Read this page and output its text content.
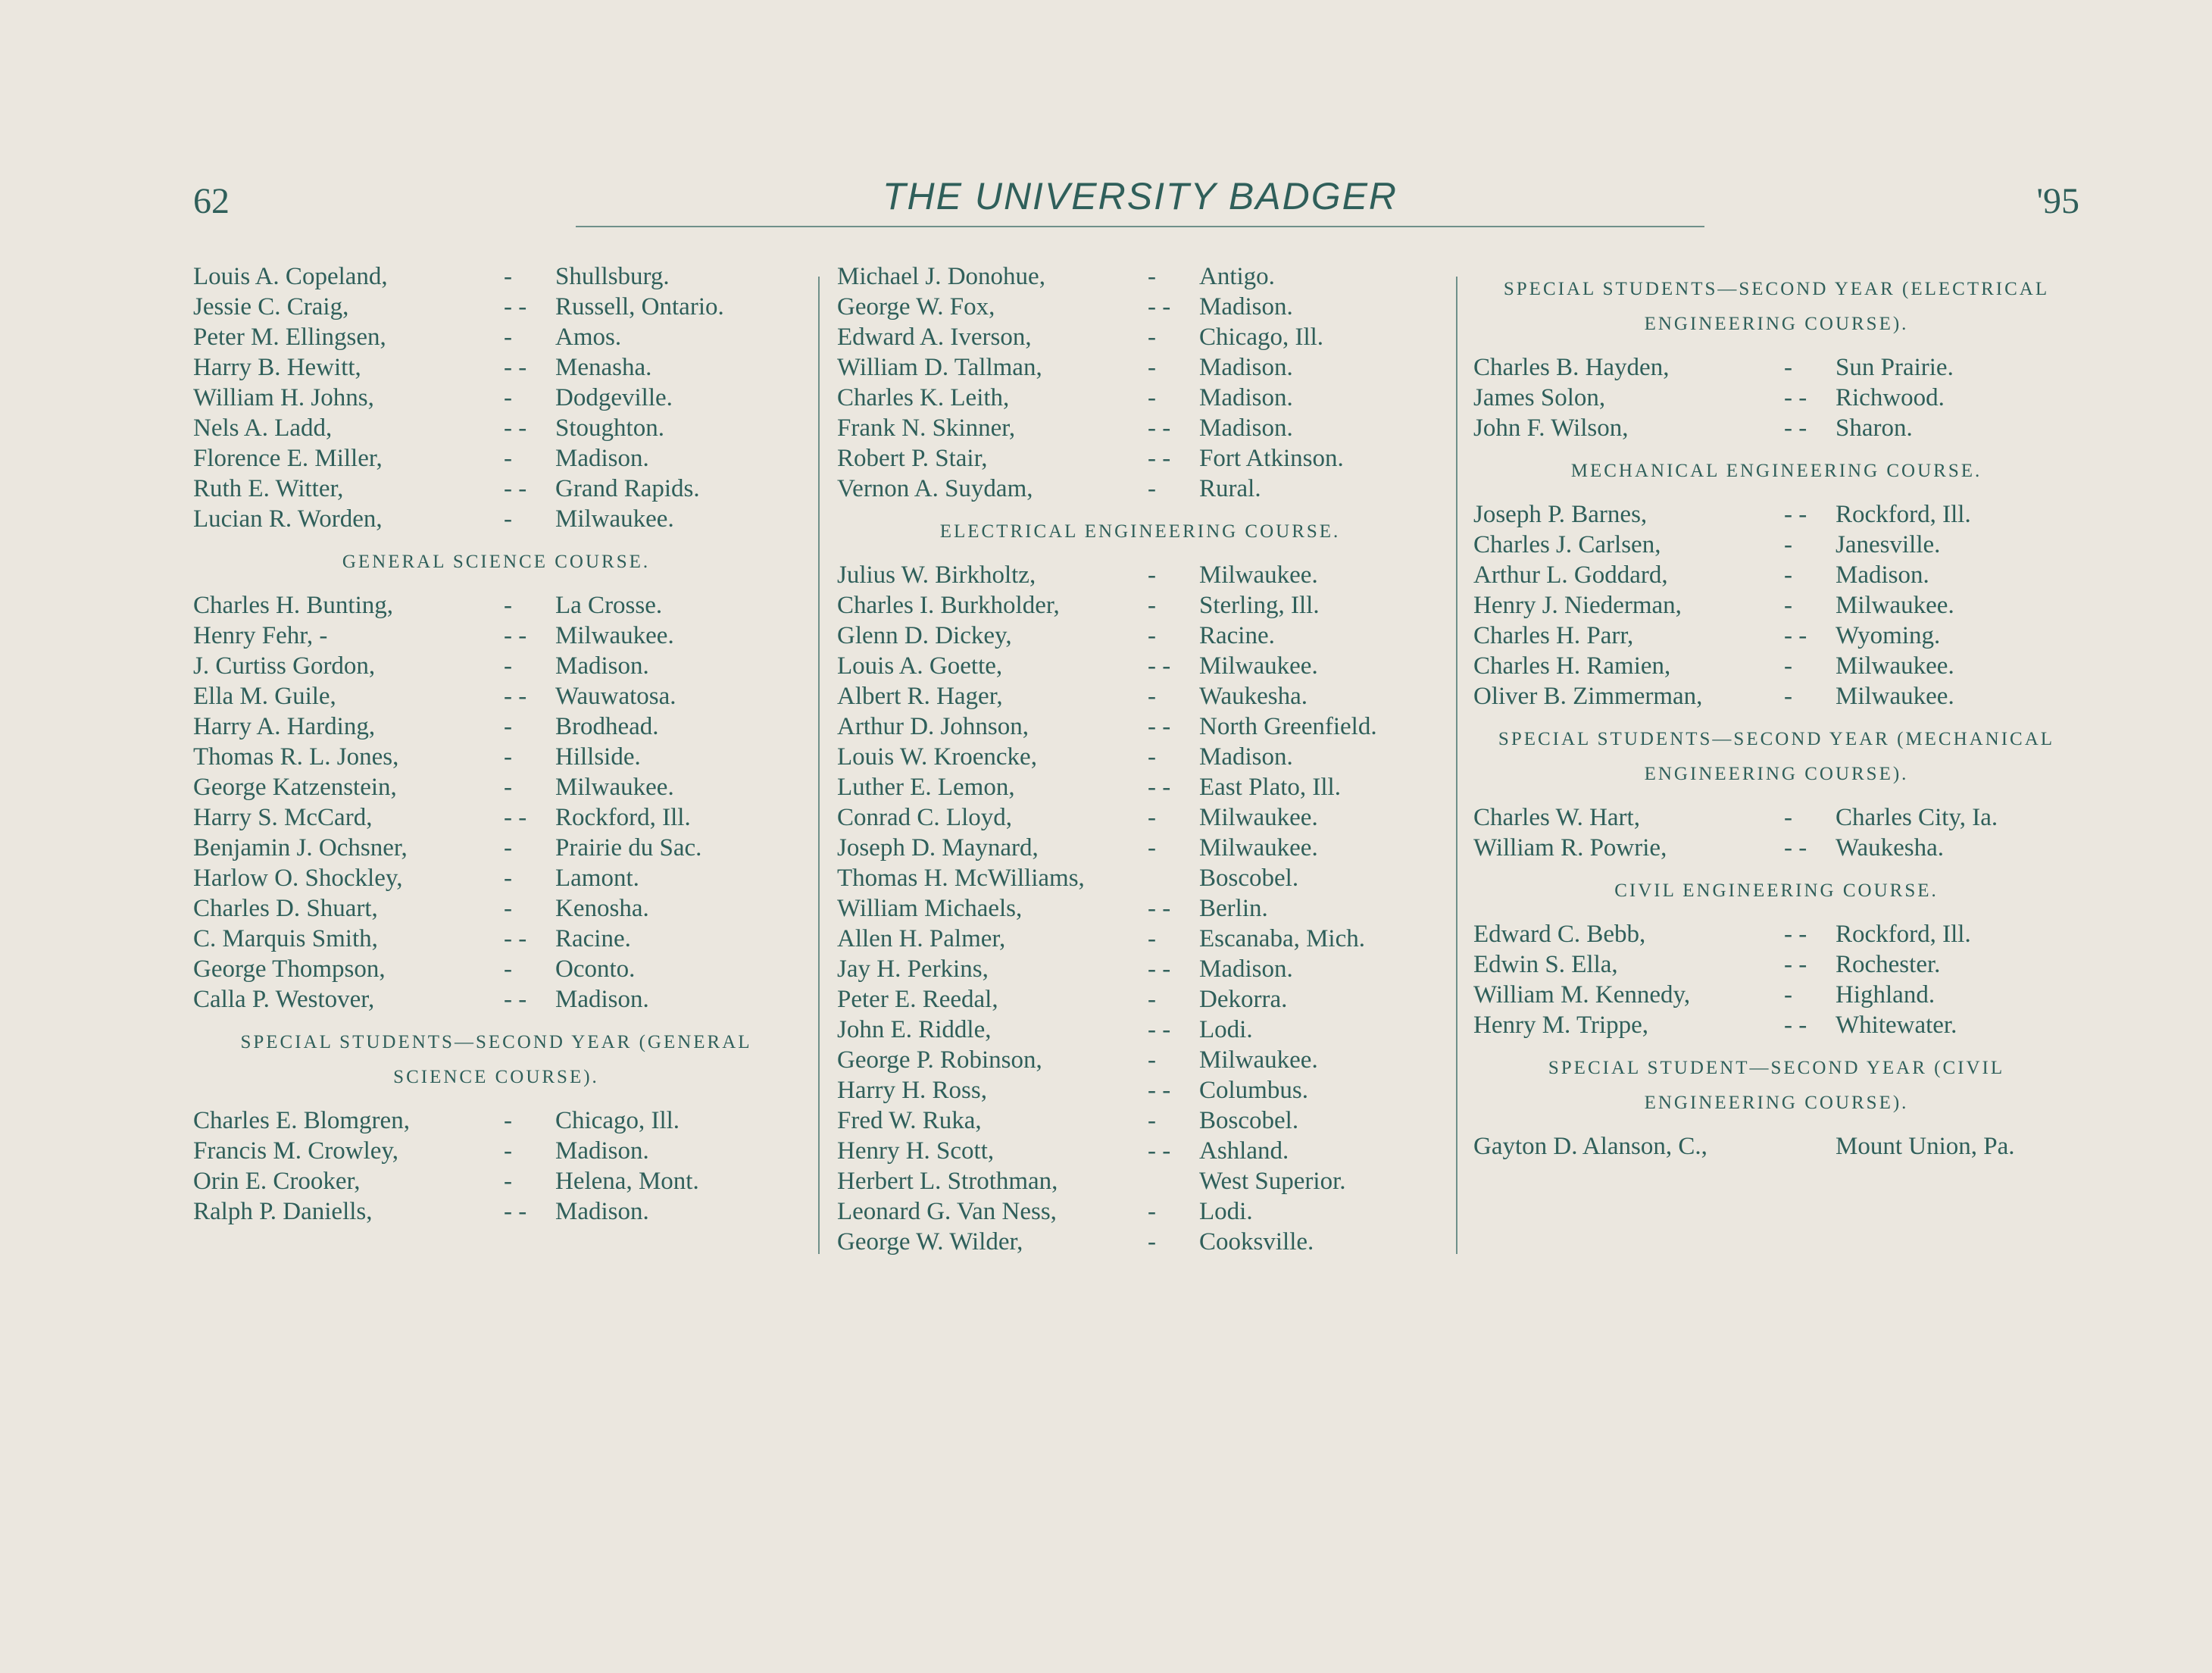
62	THE UNIVERSITY BADGER	'95
Louis A. Copeland,	- Shullsburg.
Jessie C. Craig,	- - Russell, Ontario.
Peter M. Ellingsen,	- Amos.
Harry B. Hewitt,	- - Menasha.
William H. Johns,	- Dodgeville.
Nels A. Ladd,	- - Stoughton.
Florence E. Miller,	- Madison.
Ruth E. Witter,	- - Grand Rapids.
Lucian R. Worden,	- Milwaukee.
GENERAL SCIENCE COURSE.
Charles H. Bunting,	- La Crosse.
Henry Fehr, -	- - Milwaukee.
J. Curtiss Gordon,	- Madison.
Ella M. Guile,	- - Wauwatosa.
Harry A. Harding,	- Brodhead.
Thomas R. L. Jones,	- Hillside.
George Katzenstein,	- Milwaukee.
Harry S. McCard,	- - Rockford, Ill.
Benjamin J. Ochsner,	- Prairie du Sac.
Harlow O. Shockley,	- Lamont.
Charles D. Shuart,	- Kenosha.
C. Marquis Smith,	- - Racine.
George Thompson,	- Oconto.
Calla P. Westover,	- - Madison.
SPECIAL STUDENTS—SECOND YEAR (GENERAL SCIENCE COURSE).
Charles E. Blomgren,	- Chicago, Ill.
Francis M. Crowley,	- Madison.
Orin E. Crooker,	- Helena, Mont.
Ralph P. Daniells,	- - Madison.
Michael J. Donohue,	- Antigo.
George W. Fox,	- - Madison.
Edward A. Iverson,	- Chicago, Ill.
William D. Tallman,	- Madison.
Charles K. Leith,	- Madison.
Frank N. Skinner,	- - Madison.
Robert P. Stair,	- - Fort Atkinson.
Vernon A. Suydam,	- Rural.
ELECTRICAL ENGINEERING COURSE.
Julius W. Birkholtz,	- Milwaukee.
Charles I. Burkholder,	- Sterling, Ill.
Glenn D. Dickey,	- Racine.
Louis A. Goette,	- - Milwaukee.
Albert R. Hager,	- Waukesha.
Arthur D. Johnson,	- - North Greenfield.
Louis W. Kroencke,	- Madison.
Luther E. Lemon,	- - East Plato, Ill.
Conrad C. Lloyd,	- Milwaukee.
Joseph D. Maynard,	- Milwaukee.
Thomas H. McWilliams,	Boscobel.
William Michaels,	- - Berlin.
Allen H. Palmer,	- Escanaba, Mich.
Jay H. Perkins,	- - Madison.
Peter E. Reedal,	- Dekorra.
John E. Riddle,	- - Lodi.
George P. Robinson,	- Milwaukee.
Harry H. Ross,	- - Columbus.
Fred W. Ruka,	- Boscobel.
Henry H. Scott,	- - Ashland.
Herbert L. Strothman,	West Superior.
Leonard G. Van Ness,	- Lodi.
George W. Wilder,	- Cooksville.
SPECIAL STUDENTS—SECOND YEAR (ELECTRICAL ENGINEERING COURSE).
Charles B. Hayden,	- Sun Prairie.
James Solon,	- - Richwood.
John F. Wilson,	- - Sharon.
MECHANICAL ENGINEERING COURSE.
Joseph P. Barnes,	- - Rockford, Ill.
Charles J. Carlsen,	- Janesville.
Arthur L. Goddard,	- Madison.
Henry J. Niederman,	- Milwaukee.
Charles H. Parr,	- - Wyoming.
Charles H. Ramien,	- Milwaukee.
Oliver B. Zimmerman,	- Milwaukee.
SPECIAL STUDENTS—SECOND YEAR (MECHANICAL ENGINEERING COURSE).
Charles W. Hart,	- Charles City, Ia.
William R. Powrie,	- - Waukesha.
CIVIL ENGINEERING COURSE.
Edward C. Bebb,	- - Rockford, Ill.
Edwin S. Ella,	- - Rochester.
William M. Kennedy,	- Highland.
Henry M. Trippe,	- - Whitewater.
SPECIAL STUDENT—SECOND YEAR (CIVIL ENGINEERING COURSE).
Gayton D. Alanson, C.,	Mount Union, Pa.
